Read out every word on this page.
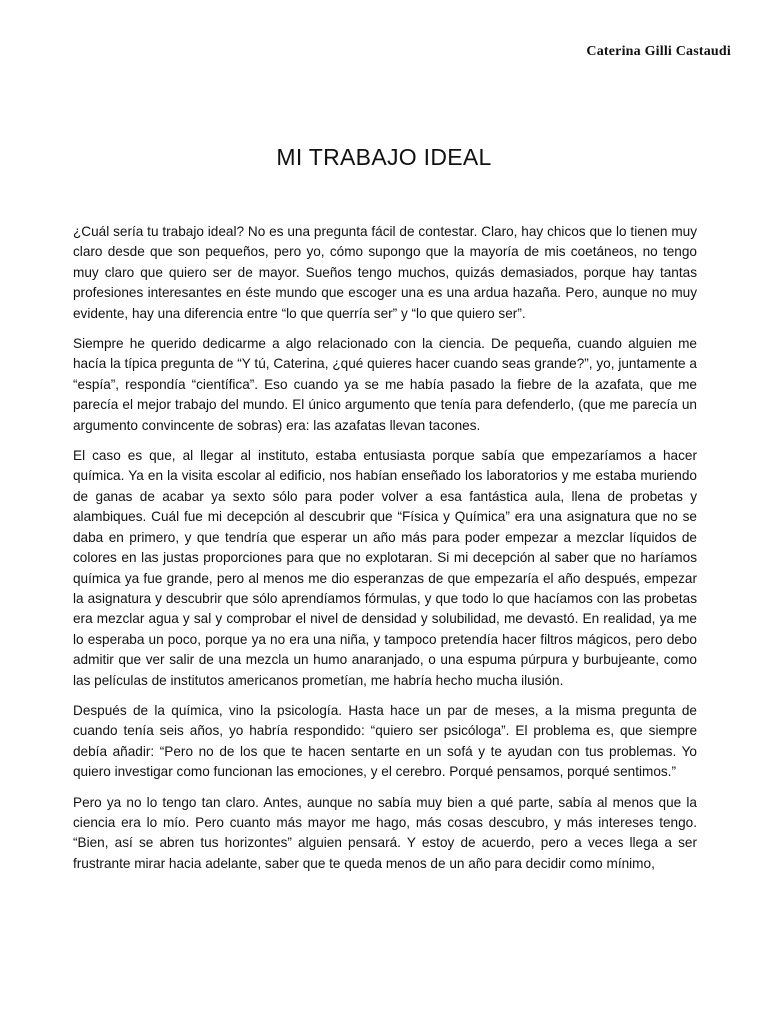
Caterina Gilli Castaudi
MI TRABAJO IDEAL

¿Cuál sería tu trabajo ideal? No es una pregunta fácil de contestar. Claro, hay chicos que lo tienen muy claro desde que son pequeños, pero yo, cómo supongo que la mayoría de mis coetáneos, no tengo muy claro que quiero ser de mayor. Sueños tengo muchos, quizás demasiados, porque hay tantas profesiones interesantes en éste mundo que escoger una es una ardua hazaña. Pero, aunque no muy evidente, hay una diferencia entre “lo que querría ser” y “lo que quiero ser”.

Siempre he querido dedicarme a algo relacionado con la ciencia. De pequeña, cuando alguien me hacía la típica pregunta de “Y tú, Caterina, ¿qué quieres hacer cuando seas grande?”, yo, juntamente a “espía”, respondía “científica”. Eso cuando ya se me había pasado la fiebre de la azafata, que me parecía el mejor trabajo del mundo. El único argumento que tenía para defenderlo, (que me parecía un argumento convincente de sobras) era: las azafatas llevan tacones.

El caso es que, al llegar al instituto, estaba entusiasta porque sabía que empezaríamos a hacer química. Ya en la visita escolar al edificio, nos habían enseñado los laboratorios y me estaba muriendo de ganas de acabar ya sexto sólo para poder volver a esa fantástica aula, llena de probetas y alambiques. Cuál fue mi decepción al descubrir que “Física y Química” era una asignatura que no se daba en primero, y que tendría que esperar un año más para poder empezar a mezclar líquidos de colores en las justas proporciones para que no explotaran. Si mi decepción al saber que no haríamos química ya fue grande, pero al menos me dio esperanzas de que empezaría el año después, empezar la asignatura y descubrir que sólo aprendíamos fórmulas, y que todo lo que hacíamos con las probetas era mezclar agua y sal y comprobar el nivel de densidad y solubilidad, me devastó. En realidad, ya me lo esperaba un poco, porque ya no era una niña, y tampoco pretendía hacer filtros mágicos, pero debo admitir que ver salir de una mezcla un humo anaranjado, o una espuma púrpura y burbujeante, como las películas de institutos americanos prometían, me habría hecho mucha ilusión.

Después de la química, vino la psicología. Hasta hace un par de meses, a la misma pregunta de cuando tenía seis años, yo habría respondido: “quiero ser psicóloga”. El problema es, que siempre debía añadir: “Pero no de los que te hacen sentarte en un sofá y te ayudan con tus problemas. Yo quiero investigar como funcionan las emociones, y el cerebro. Porqué pensamos, porqué sentimos.”

Pero ya no lo tengo tan claro. Antes, aunque no sabía muy bien a qué parte, sabía al menos que la ciencia era lo mío. Pero cuanto más mayor me hago, más cosas descubro, y más intereses tengo. “Bien, así se abren tus horizontes” alguien pensará. Y estoy de acuerdo, pero a veces llega a ser frustrante mirar hacia adelante, saber que te queda menos de un año para decidir como mínimo,
